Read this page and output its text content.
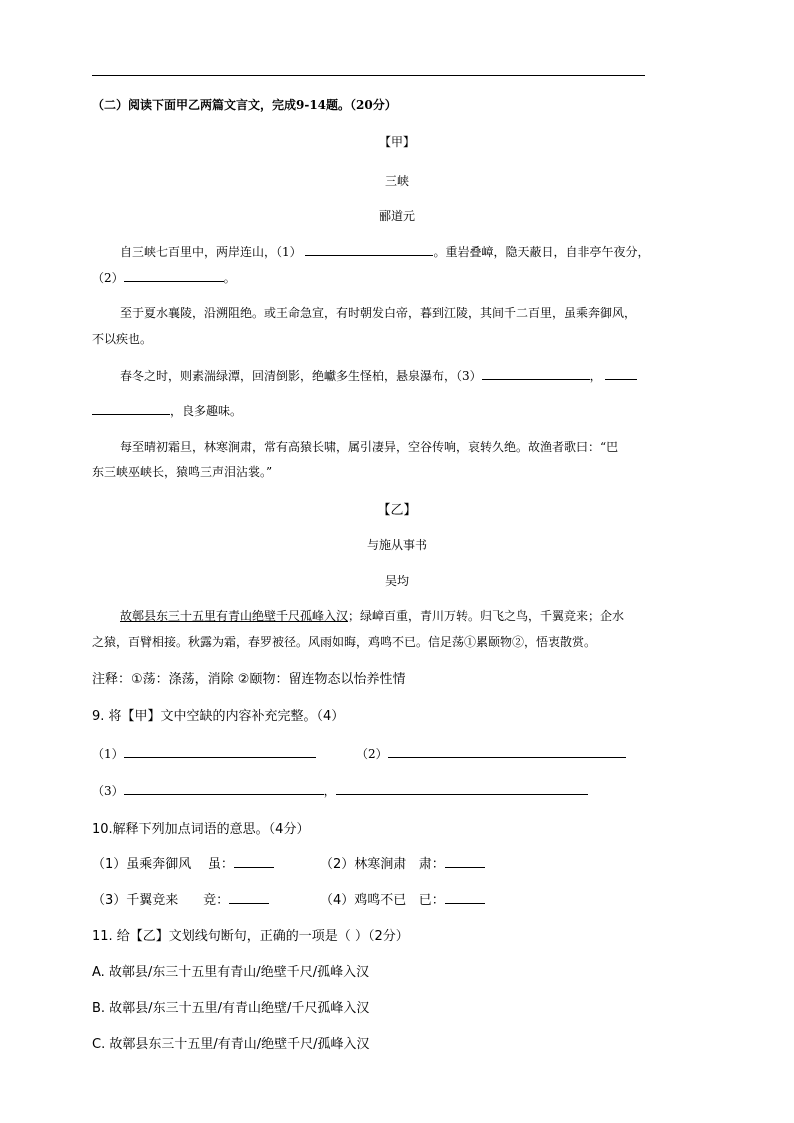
（二）阅读下面甲乙两篇文言文，完成9-14题。（20分）
【甲】
三峡
郦道元
自三峡七百里中，两岸连山，（1）	。重岩叠嶂，隐天蔽日，自非亭午夜分，
（2）	。
至于夏水襄陵，沿溯阻绝。或王命急宣，有时朝发白帝，暮到江陵，其间千二百里，虽乘奔御风，
不以疾也。
春冬之时，则素湍绿潭，回清倒影，绝巘多生怪柏，悬泉瀑布，（3）	，
，良多趣味。
每至晴初霜旦，林寒涧肃，常有高猿长啸，属引凄异，空谷传响，哀转久绝。故渔者歌曰：“巴
东三峡巫峡长，猿鸣三声泪沾裳。”
【乙】
与施从事书
吴均
故鄣县东三十五里有青山绝壁千尺孤峰入汉；绿嶂百重，青川万转。归飞之鸟，千翼竞来；企水
之猿，百臂相接。秋露为霜，春罗被径。风雨如晦，鸡鸣不已。信足荡①累颐物②，悟衷散赏。
注释：①荡：涤荡，消除 ②颐物：留连物态以怡养性情
9. 将【甲】文中空缺的内容补充完整。（4）
（1）	（2）
（3）	，
10.解释下列加点词语的意思。（4分）
（1）虽乘奔御风 虽：	（2）林寒涧肃 肃：
（3）千翼竞来 竞：	（4）鸡鸣不已 已：
11. 给【乙】文划线句断句，正确的一项是（ ）（2分）
A. 故鄣县/东三十五里有青山/绝壁千尺/孤峰入汉
B. 故鄣县/东三十五里/有青山绝壁/千尺孤峰入汉
C. 故鄣县东三十五里/有青山/绝壁千尺/孤峰入汉
